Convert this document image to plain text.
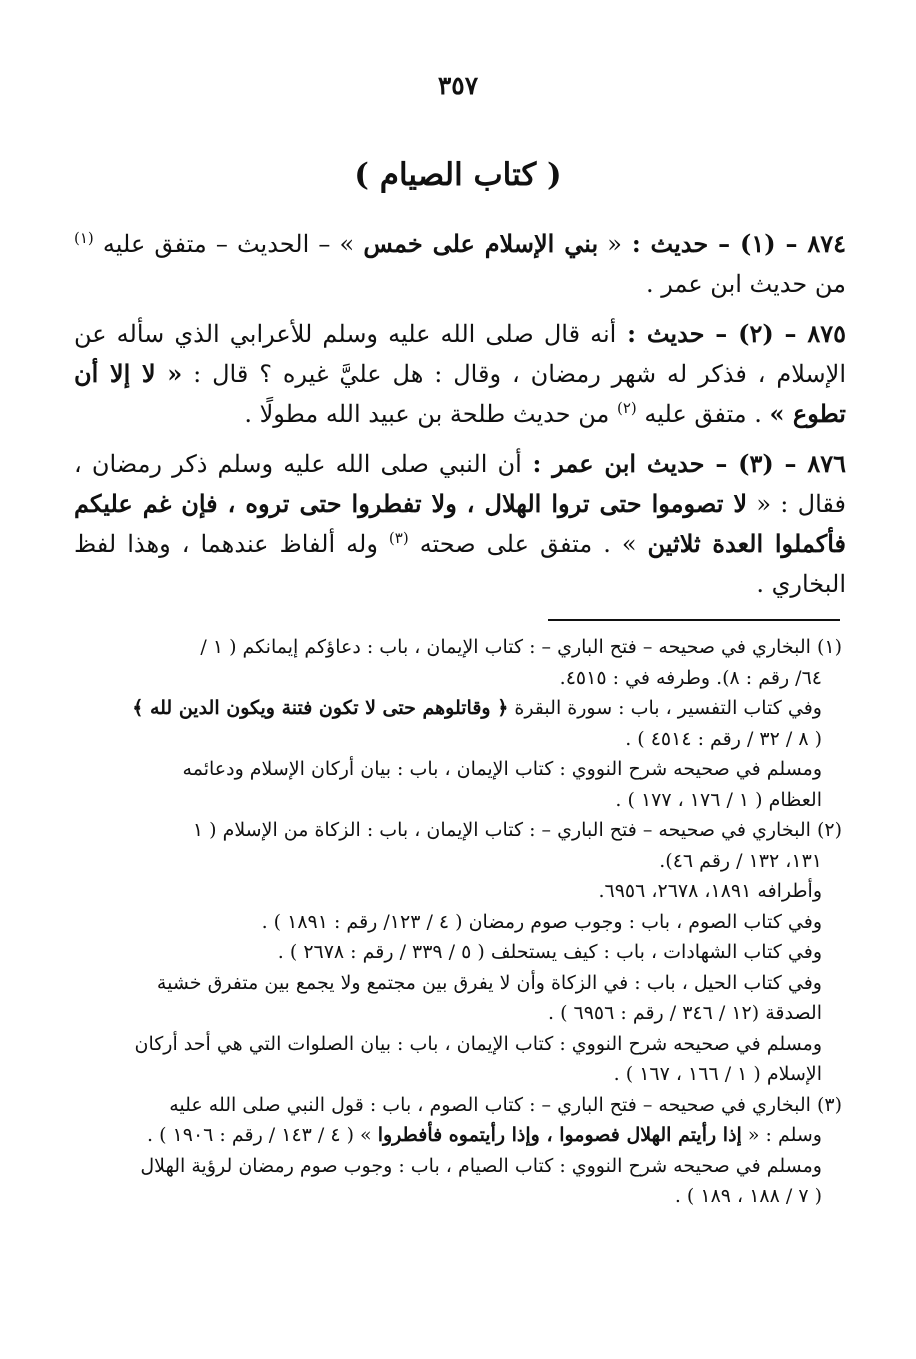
٣٥٧
( كتاب الصيام )

٨٧٤ – (١) – حديث : « بني الإسلام على خمس » – الحديث – متفق عليه $^{(١)}$ من حديث ابن عمر .

٨٧٥ – (٢) – حديث : أنه قال صلى الله عليه وسلم للأعرابي الذي سأله عن الإسلام ، فذكر له شهر رمضان ، وقال : هل عليَّ غيره ؟ قال : « لا إلا أن تطوع » . متفق عليه $^{(٢)}$ من حديث طلحة بن عبيد الله مطولًا .

٨٧٦ – (٣) – حديث ابن عمر : أن النبي صلى الله عليه وسلم ذكر رمضان ، فقال : « لا تصوموا حتى تروا الهلال ، ولا تفطروا حتى تروه ، فإن غم عليكم فأكملوا العدة ثلاثين » . متفق على صحته $^{(٣)}$ وله ألفاظ عندهما ، وهذا لفظ البخاري .

(١) البخاري في صحيحه – فتح الباري – : كتاب الإيمان ، باب : دعاؤكم إيمانكم ( ١ /
٦٤/ رقم : ٨). وطرفه في : ٤٥١٥.
وفي كتاب التفسير ، باب : سورة البقرة ﴿ وقاتلوهم حتى لا تكون فتنة ويكون الدين لله ﴾
( ٨ / ٣٢ / رقم : ٤٥١٤ ) .
ومسلم في صحيحه شرح النووي : كتاب الإيمان ، باب : بيان أركان الإسلام ودعائمه
العظام ( ١ / ١٧٦ ، ١٧٧ ) .
(٢) البخاري في صحيحه – فتح الباري – : كتاب الإيمان ، باب : الزكاة من الإسلام ( ١
١٣١، ١٣٢ / رقم ٤٦).
وأطرافه ١٨٩١، ٢٦٧٨، ٦٩٥٦.
وفي كتاب الصوم ، باب : وجوب صوم رمضان ( ٤ / ١٢٣/ رقم : ١٨٩١ ) .
وفي كتاب الشهادات ، باب : كيف يستحلف ( ٥ / ٣٣٩ / رقم : ٢٦٧٨ ) .
وفي كتاب الحيل ، باب : في الزكاة وأن لا يفرق بين مجتمع ولا يجمع بين متفرق خشية
الصدقة (١٢ / ٣٤٦ / رقم : ٦٩٥٦ ) .
ومسلم في صحيحه شرح النووي : كتاب الإيمان ، باب : بيان الصلوات التي هي أحد أركان
الإسلام ( ١ / ١٦٦ ، ١٦٧ ) .
(٣) البخاري في صحيحه – فتح الباري – : كتاب الصوم ، باب : قول النبي صلى الله عليه
وسلم : « إذا رأيتم الهلال فصوموا ، وإذا رأيتموه فأفطروا » ( ٤ / ١٤٣ / رقم : ١٩٠٦ ) .
ومسلم في صحيحه شرح النووي : كتاب الصيام ، باب : وجوب صوم رمضان لرؤية الهلال
( ٧ / ١٨٨ ، ١٨٩ ) .
